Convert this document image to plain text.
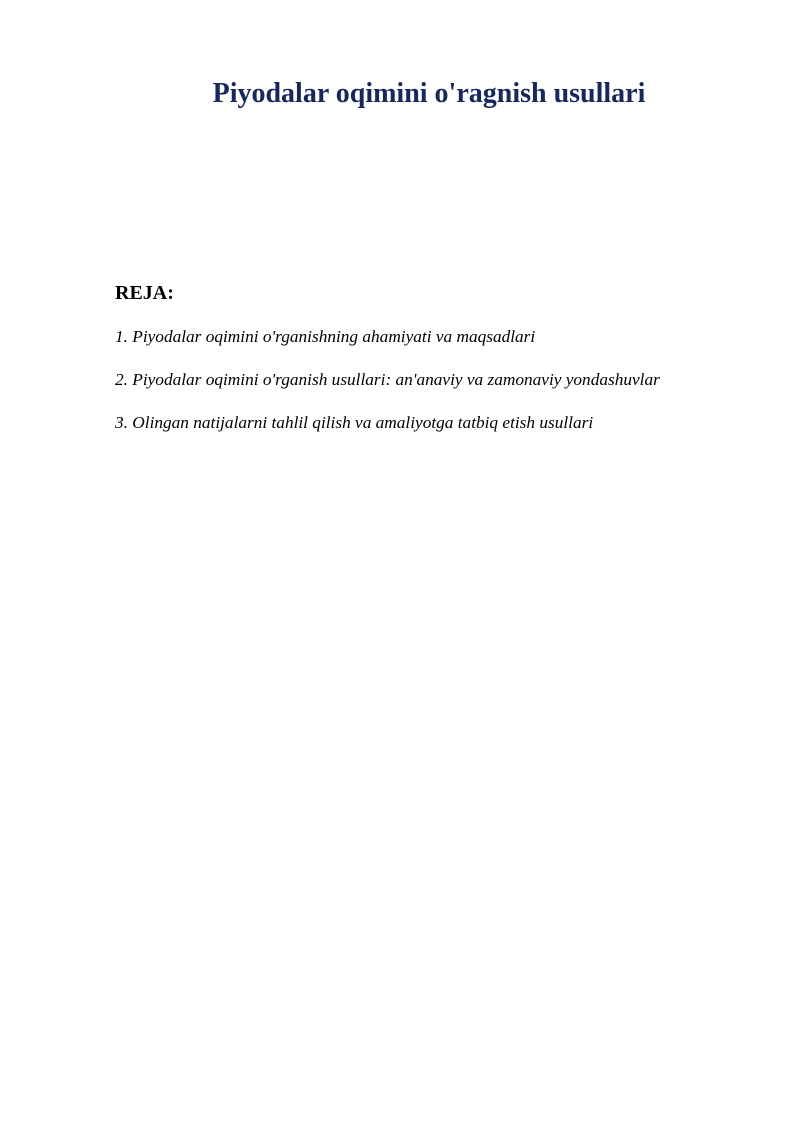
Piyodalar oqimini o'ragnish usullari
REJA:
1. Piyodalar oqimini o'rganishning ahamiyati va maqsadlari
2. Piyodalar oqimini o'rganish usullari: an'anaviy va zamonaviy yondashuvlar
3. Olingan natijalarni tahlil qilish va amaliyotga tatbiq etish usullari
